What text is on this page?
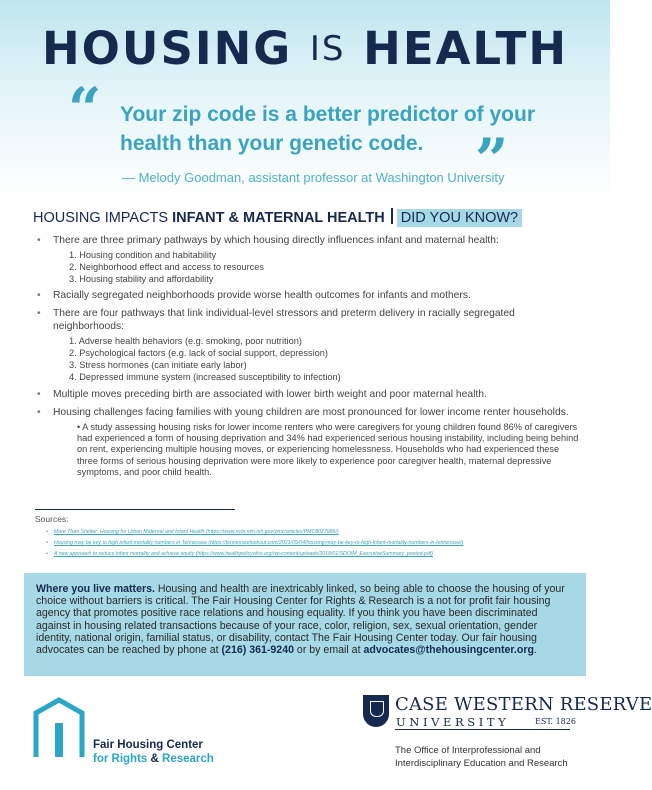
HOUSING IS HEALTH
“ Your zip code is a better predictor of your health than your genetic code. ”
— Melody Goodman, assistant professor at Washington University
HOUSING IMPACTS INFANT & MATERNAL HEALTH DID YOU KNOW?
• There are three primary pathways by which housing directly influences infant and maternal health:
1. Housing condition and habitability
2. Neighborhood effect and access to resources
3. Housing stability and affordability
• Racially segregated neighborhoods provide worse health outcomes for infants and mothers.
• There are four pathways that link individual-level stressors and preterm delivery in racially segregated neighborhoods:
1. Adverse health behaviors (e.g. smoking, poor nutrition)
2. Psychological factors (e.g. lack of social support, depression)
3. Stress hormones (can initiate early labor)
4. Depressed immune system (increased susceptibility to infection)
• Multiple moves preceding birth are associated with lower birth weight and poor maternal health.
• Housing challenges facing families with young children are most pronounced for lower income renter households.
• A study assessing housing risks for lower income renters who were caregivers for young children found 86% of caregivers had experienced a form of housing deprivation and 34% had experienced serious housing instability, including being behind on rent, experiencing multiple housing moves, or experiencing homelessness. Households who had experienced these three forms of serious housing deprivation were more likely to experience poor caregiver health, maternal depressive symptoms, and poor child health.
Sources:
• More Than Shelter: Housing for Urban Maternal and Infant Health (https://www.ncbi.nlm.nih.gov/pmc/articles/PMC8027986/)
• Housing may be key to high infant mortality numbers in Tennessee (https://tennesseelookout.com/2021/05/04/housing-may-be-key-to-high-infant-mortality-numbers-in-tennessee/)
• A new approach to reduce infant mortality and achieve equity (https://www.healthpolicyohio.org/wp-content/uploads/2018/01/SDOIM_ExecutiveSummary_posted.pdf)
Where you live matters. Housing and health are inextricably linked, so being able to choose the housing of your choice without barriers is critical. The Fair Housing Center for Rights & Research is a not for profit fair housing agency that promotes positive race relations and housing equality. If you think you have been discriminated against in housing related transactions because of your race, color, religion, sex, sexual orientation, gender identity, national origin, familial status, or disability, contact The Fair Housing Center today. Our fair housing advocates can be reached by phone at (216) 361-9240 or by email at advocates@thehousingcenter.org.
Fair Housing Center
for Rights & Research
CASE WESTERN RESERVE
UNIVERSITY	EST. 1826
The Office of Interprofessional and
Interdisciplinary Education and Research
